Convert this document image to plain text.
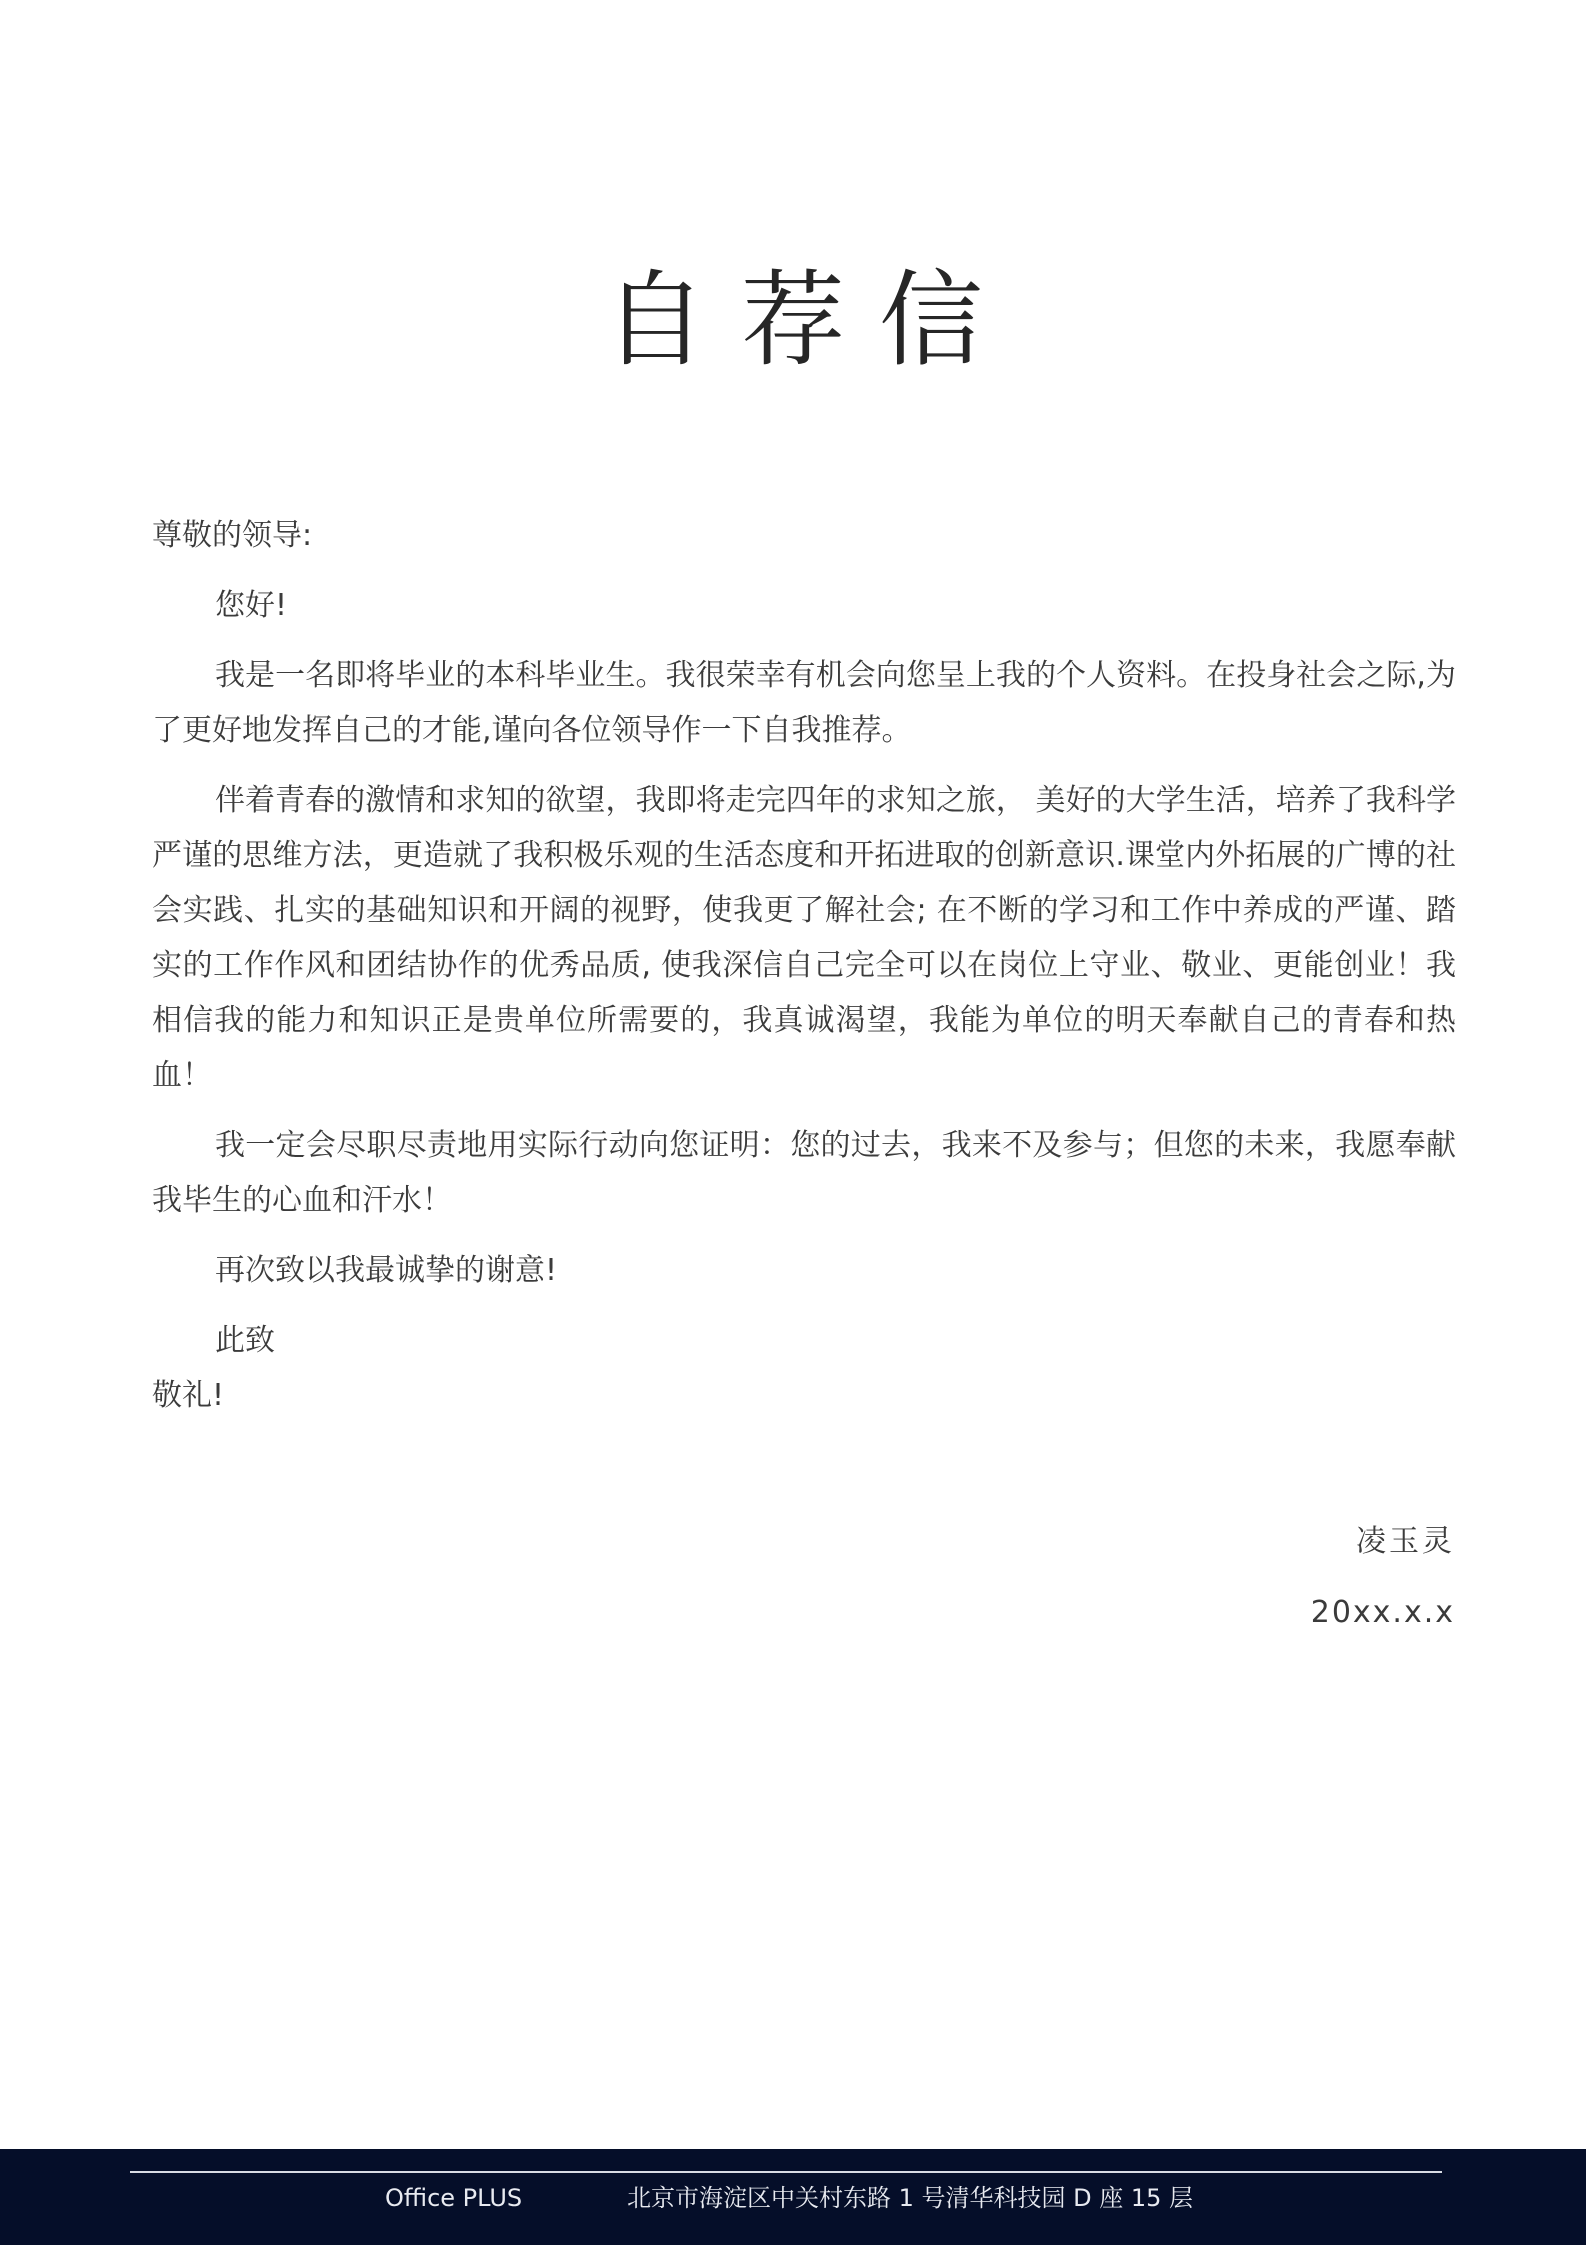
自荐信

尊敬的领导:

您好!

我是一名即将毕业的本科毕业生。我很荣幸有机会向您呈上我的个人资料。在投身社会之际,为了更好地发挥自己的才能,谨向各位领导作一下自我推荐。

伴着青春的激情和求知的欲望，我即将走完四年的求知之旅， 美好的大学生活，培养了我科学严谨的思维方法，更造就了我积极乐观的生活态度和开拓进取的创新意识.课堂内外拓展的广博的社会实践、扎实的基础知识和开阔的视野，使我更了解社会; 在不断的学习和工作中养成的严谨、踏实的工作作风和团结协作的优秀品质, 使我深信自己完全可以在岗位上守业、敬业、更能创业！我相信我的能力和知识正是贵单位所需要的，我真诚渴望，我能为单位的明天奉献自己的青春和热血！

我一定会尽职尽责地用实际行动向您证明：您的过去，我来不及参与；但您的未来，我愿奉献我毕生的心血和汗水！

再次致以我最诚挚的谢意!

此致

敬礼!

凌玉灵
20xx.x.x
Office PLUS	北京市海淀区中关村东路 1 号清华科技园 D 座 15 层
